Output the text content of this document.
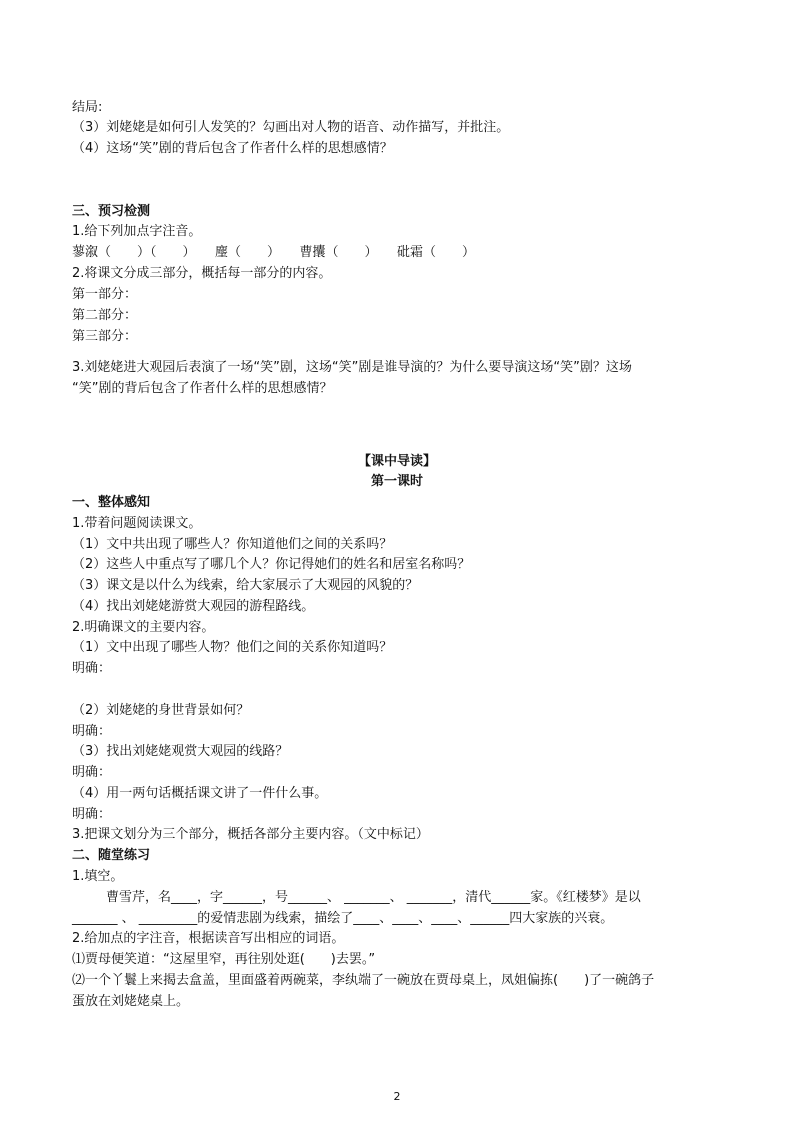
结局:
（3）刘姥姥是如何引人发笑的？勾画出对人物的语音、动作描写，并批注。
（4）这场“笑”剧的背后包含了作者什么样的思想感情？
三、预习检测
1.给下列加点字注音。
蓼溆（　　）（　　）　　麈（　　）　　曹攮（　　）　　砒霜（　　）
2.将课文分成三部分，概括每一部分的内容。
第一部分：
第二部分：
第三部分：
3.刘姥姥进大观园后表演了一场“笑”剧，这场“笑”剧是谁导演的？为什么要导演这场“笑”剧？这场
“笑”剧的背后包含了作者什么样的思想感情？
【课中导读】
第一课时
一、整体感知
1.带着问题阅读课文。
（1）文中共出现了哪些人？你知道他们之间的关系吗？
（2）这些人中重点写了哪几个人？你记得她们的姓名和居室名称吗？
（3）课文是以什么为线索，给大家展示了大观园的风貌的？
（4）找出刘姥姥游赏大观园的游程路线。
2.明确课文的主要内容。
（1）文中出现了哪些人物？他们之间的关系你知道吗？
明确：
（2）刘姥姥的身世背景如何？
明确：
（3）找出刘姥姥观赏大观园的线路？
明确：
（4）用一两句话概括课文讲了一件什么事。
明确：
3.把课文划分为三个部分，概括各部分主要内容。（文中标记）
二、随堂练习
1.填空。
曹雪芹，名____，字______，号______、 _______、 _______，清代______家。《红楼梦》是以
_______ 、 _________的爱情悲剧为线索，描绘了____、____、____、______四大家族的兴衰。
2.给加点的字注音，根据读音写出相应的词语。
⑴贾母便笑道：“这屋里窄，再往别处逛(　　)去罢。”
⑵一个丫鬟上来揭去盒盖，里面盛着两碗菜，李纨端了一碗放在贾母桌上，凤姐偏拣(　　)了一碗鸽子
蛋放在刘姥姥桌上。
2
